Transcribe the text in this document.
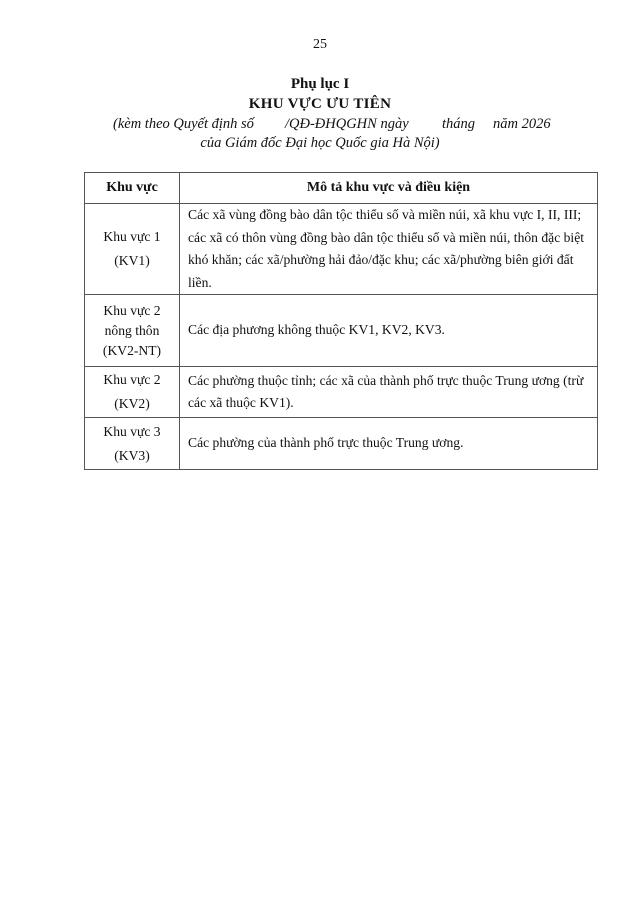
25
Phụ lục I
KHU VỰC ƯU TIÊN
(kèm theo Quyết định số /QĐ-ĐHQGHN ngày tháng năm 2026
của Giám đốc Đại học Quốc gia Hà Nội)
Khu vực	Mô tả khu vực và điều kiện

Khu vực 1
(KV1)	Các xã vùng đồng bào dân tộc thiểu số và miền núi, xã khu vực I, II, III; các xã có thôn vùng đồng bào dân tộc thiểu số và miền núi, thôn đặc biệt khó khăn; các xã/phường hải đảo/đặc khu; các xã/phường biên giới đất liền.

Khu vực 2
nông thôn
(KV2-NT)	Các địa phương không thuộc KV1, KV2, KV3.

Khu vực 2
(KV2)	Các phường thuộc tỉnh; các xã của thành phố trực thuộc Trung ương (trừ các xã thuộc KV1).

Khu vực 3
(KV3)	Các phường của thành phố trực thuộc Trung ương.
